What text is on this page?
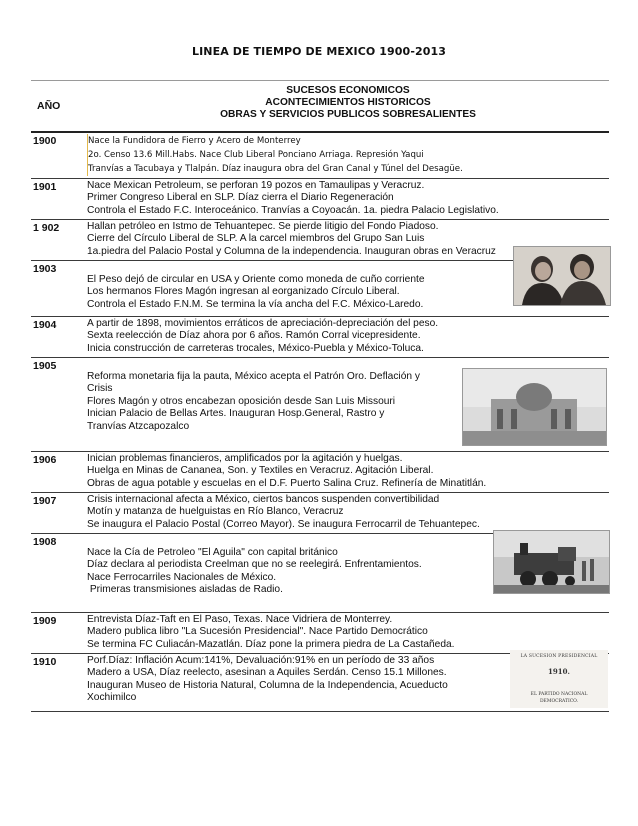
LINEA DE TIEMPO DE MEXICO 1900-2013
AÑO	SUCESOS ECONOMICOS
ACONTECIMIENTOS HISTORICOS
OBRAS Y SERVICIOS PUBLICOS SOBRESALIENTES

1900	Nace la Fundidora de Fierro y Acero de Monterrey
2o. Censo 13.6 Mill.Habs. Nace Club Liberal Ponciano Arriaga. Represión Yaqui
Tranvías a Tacubaya y Tlalpán. Díaz inaugura obra del Gran Canal y Túnel del Desagüe.

1901	Nace Mexican Petroleum, se perforan 19 pozos en Tamaulipas y Veracruz.
Primer Congreso Liberal en SLP. Díaz cierra el Diario Regeneración
Controla el Estado F.C. Interoceánico. Tranvías a Coyoacán. 1a. piedra Palacio Legislativo.

1 902	Hallan petróleo en Istmo de Tehuantepec. Se pierde litigio del Fondo Piadoso.
Cierre del Círculo Liberal de SLP. A la carcel miembros del Grupo San Luis
1a.piedra del Palacio Postal y Columna de la independencia. Inauguran obras en Veracruz

1903	El Peso dejó de circular en USA y Oriente como moneda de cuño corriente
Los hermanos Flores Magón ingresan al eorganizado Círculo Liberal.
Controla el Estado F.N.M. Se termina la vía ancha del F.C. México-Laredo.

1904	A partir de 1898, movimientos erráticos de apreciación-depreciación del peso.
Sexta reelección de Díaz ahora por 6 años. Ramón Corral vicepresidente.
Inicia construcción de carreteras trocales, México-Puebla y México-Toluca.

1905	Reforma monetaria fija la pauta, México acepta el Patrón Oro. Deflación y
Crisis
Flores Magón y otros encabezan oposición desde San Luis Missouri
Inician Palacio de Bellas Artes. Inauguran Hosp.General, Rastro y
Tranvías Atzcapozalco

1906	Inician problemas financieros, amplificados por la agitación y huelgas.
Huelga en Minas de Cananea, Son. y Textiles en Veracruz. Agitación Liberal.
Obras de agua potable y escuelas en el D.F. Puerto Salina Cruz. Refinería de Minatitlán.

1907	Crisis internacional afecta a México, ciertos bancos suspenden convertibilidad
Motín y matanza de huelguistas en Río Blanco, Veracruz
Se inaugura el Palacio Postal (Correo Mayor). Se inaugura Ferrocarril de Tehuantepec.

1908	Nace la Cía de Petroleo "El Aguila" con capital británico
Díaz declara al periodista Creelman que no se reelegirá. Enfrentamientos.
Nace Ferrocarriles Nacionales de México.
Primeras transmisiones aisladas de Radio.

1909	Entrevista Díaz-Taft en El Paso, Texas. Nace Vidriera de Monterrey.
Madero publica libro "La Sucesión Presidencial". Nace Partido Democrático
Se termina FC Culiacán-Mazatlán. Díaz pone la primera piedra de La Castañeda.

1910	Porf.Díaz: Inflación Acum:141%, Devaluación:91% en un período de 33 años
Madero a USA, Díaz reelecto, asesinan a Aquiles Serdán. Censo 15.1 Millones.
Inauguran Museo de Historia Natural, Columna de la Independencia, Acueducto
Xochimilco
LA SUCESION PRESIDENCIAL
1910.
EL PARTIDO NACIONAL
DEMOCRATICO.
